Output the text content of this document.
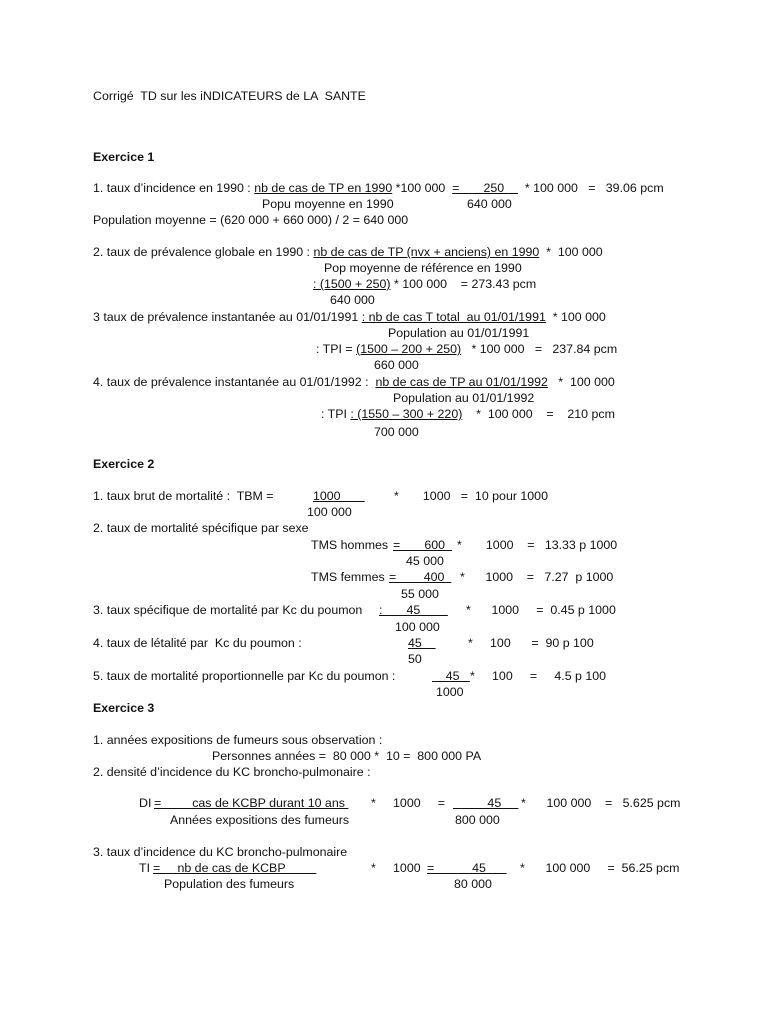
Corrigé  TD sur les iNDICATEURS de LA  SANTE
Exercice 1
1. taux d’incidence en 1990 : nb de cas de TP en 1990 *100 000  =       250      * 100 000   =   39.06 pcm
Popu moyenne en 1990	640 000
Population moyenne = (620 000 + 660 000) / 2 = 640 000
2. taux de prévalence globale en 1990 : nb de cas de TP (nvx + anciens) en 1990  *  100 000
Pop moyenne de référence en 1990
: (1500 + 250) * 100 000    = 273.43 pcm
640 000
3 taux de prévalence instantanée au 01/01/1991 : nb de cas T total  au 01/01/1991  * 100 000
Population au 01/01/1991
: TPI = (1500 – 200 + 250)   * 100 000   =   237.84 pcm
660 000
4. taux de prévalence instantanée au 01/01/1992 :  nb de cas de TP au 01/01/1992   *  100 000
Population au 01/01/1992
: TPI : (1550 – 300 + 220)    *  100 000    =    210 pcm
700 000
Exercice 2
1. taux brut de mortalité :  TBM =	1000 *       1000   =  10 pour 1000
100 000
2. taux de mortalité spécifique par sexe
TMS hommes =       600 *       1000    =   13.33 p 1000
45 000
TMS femmes =        400 *      1000    =   7.27  p 1000
55 000
3. taux spécifique de mortalité par Kc du poumon :       45 *      1000     =  0.45 p 1000
100 000
4. taux de létalité par  Kc du poumon :	45	*     100      =  90 p 100
50
5. taux de mortalité proportionnelle par Kc du poumon :	45 *     100     =     4.5 p 100
1000
Exercice 3
1. années expositions de fumeurs sous observation :
Personnes années =  80 000 *  10 =  800 000 PA
2. densité d’incidence du KC broncho-pulmonaire :
DI =         cas de KCBP durant 10 ans *     1000     = 45 *      100 000    =   5.625 pcm
Années expositions des fumeurs	800 000
3. taux d’incidence du KC broncho-pulmonaire
TI =     nb de cas de KCBP	*     1000
=           45 *      100 000     =  56.25 pcm
Population des fumeurs	80 000
